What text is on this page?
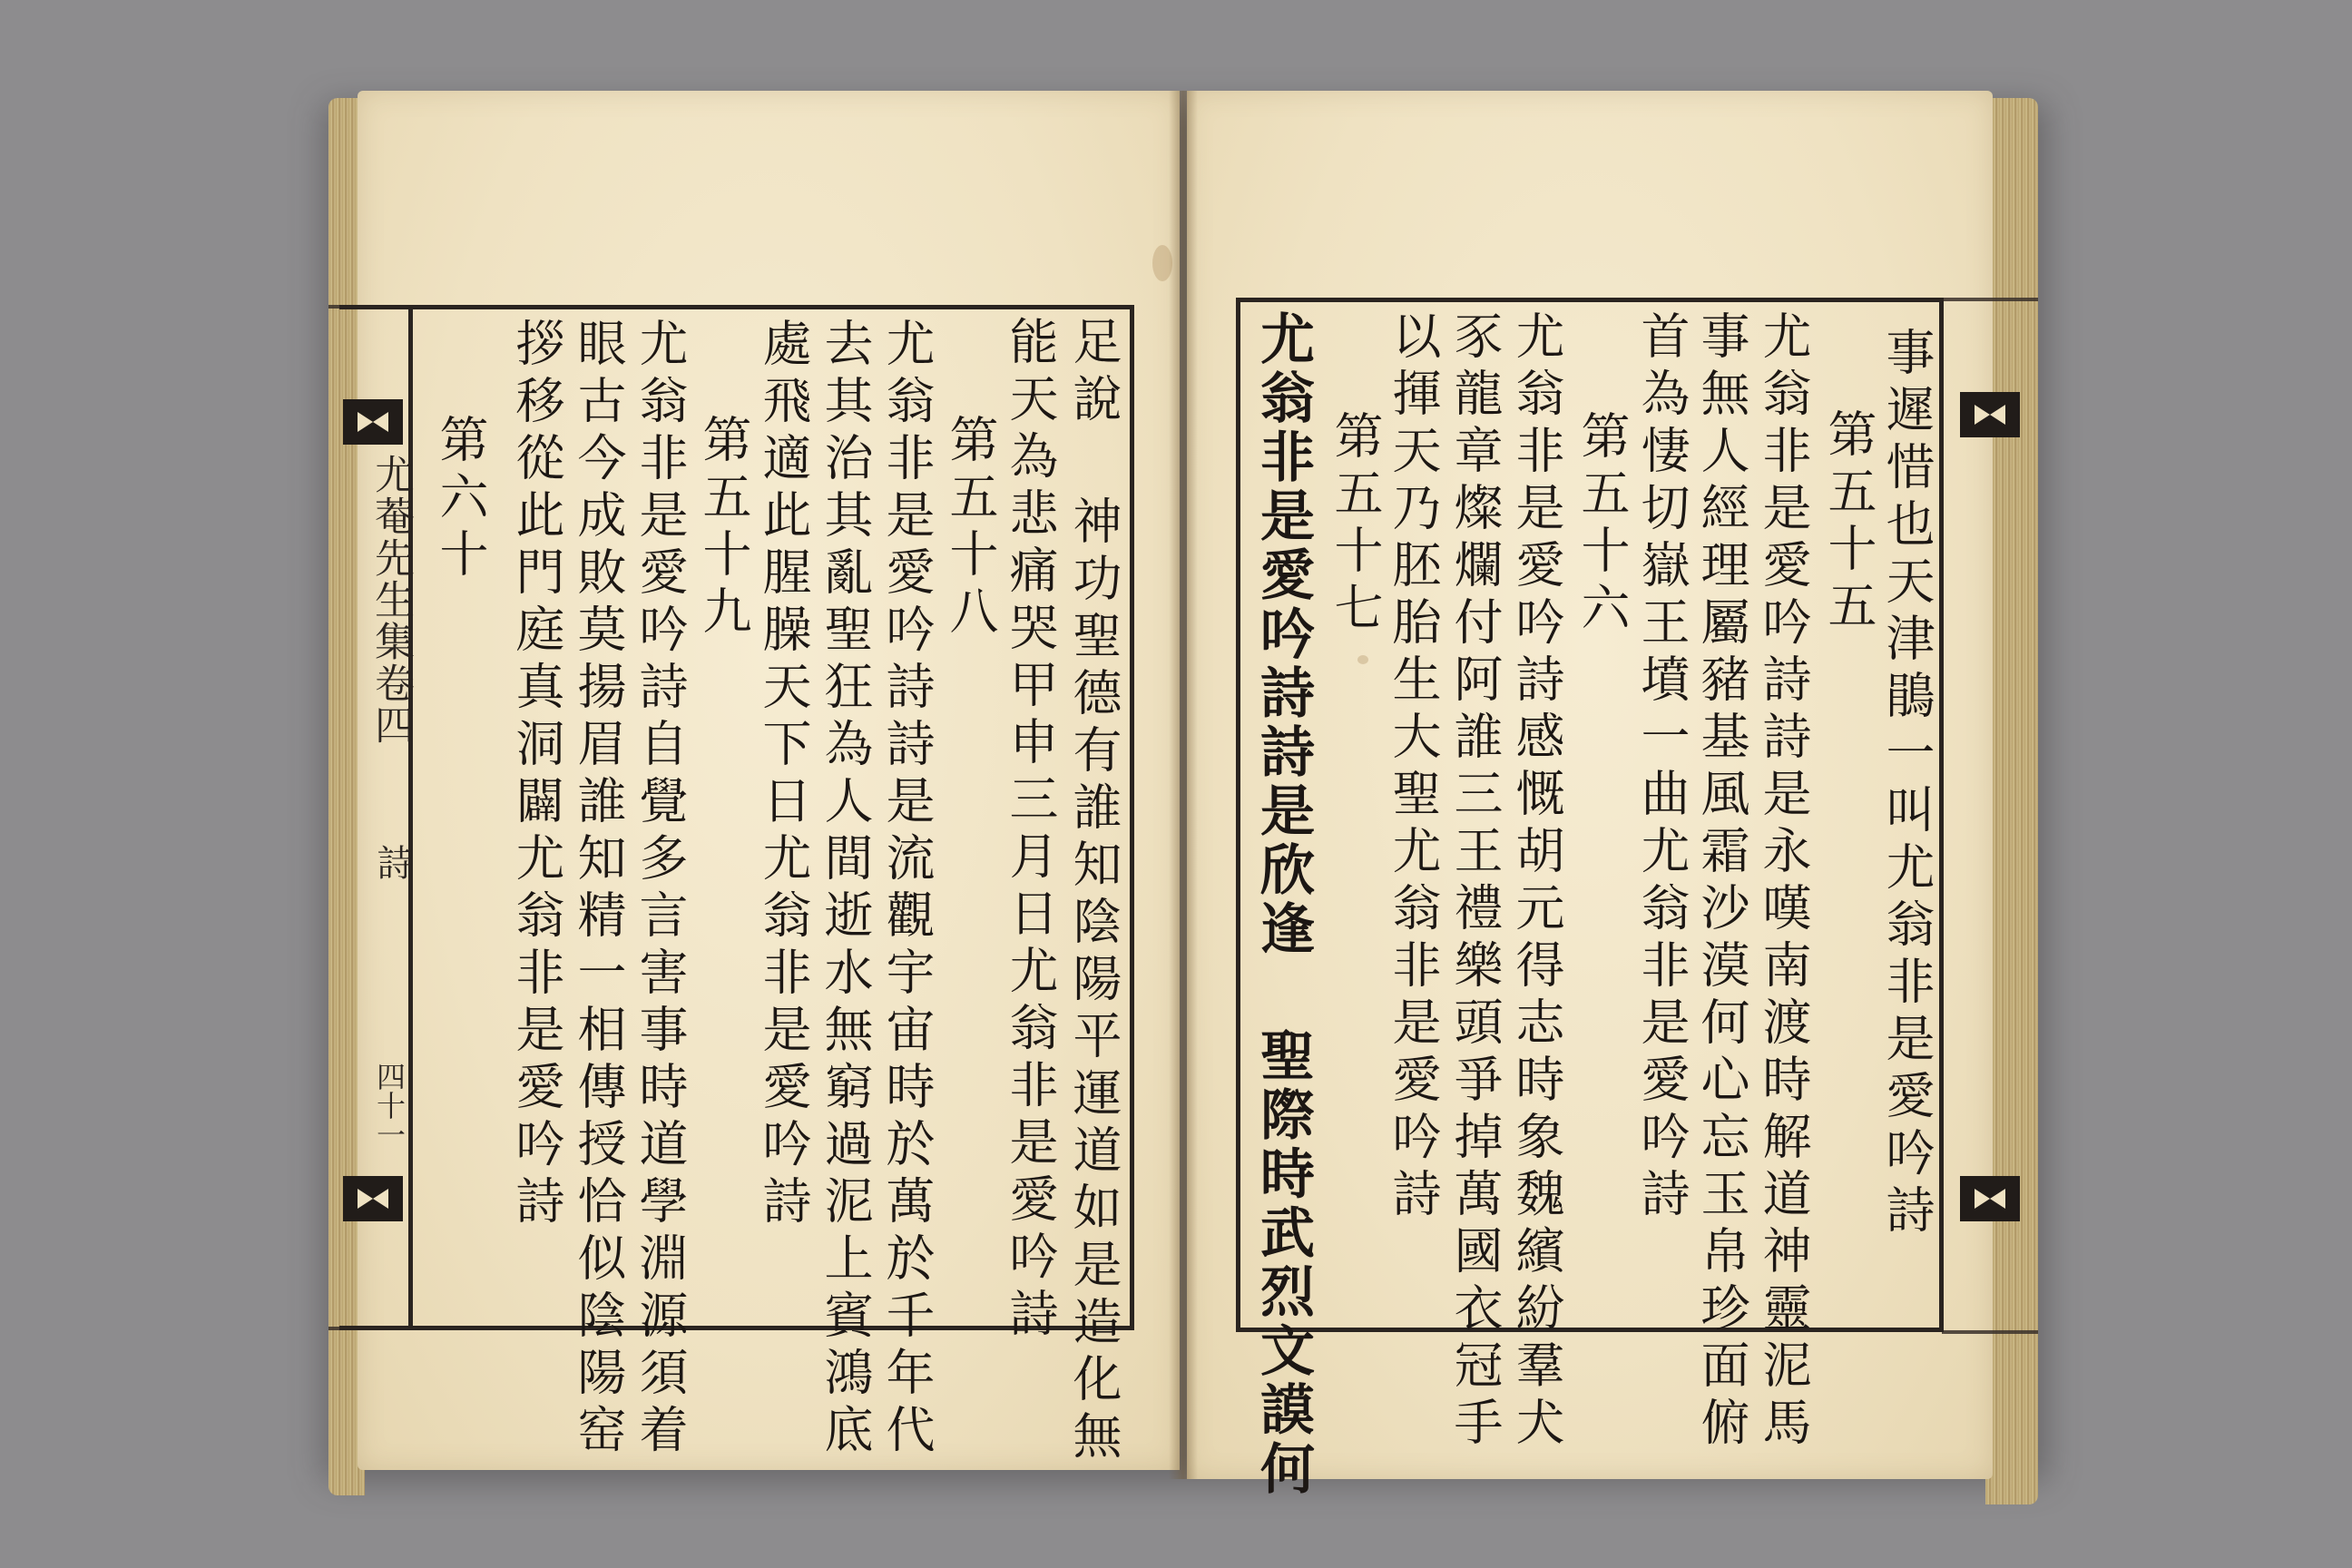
尤菴先生集卷四
詩
四十一	事遲惜也天津鵑一叫尤翁非是愛吟詩
第五十五
尤翁非是愛吟詩詩是永嘆南渡時解道神靈泥馬
事無人經理屬豬基風霜沙漠何心忘玉帛珍面俯
首為悽切嶽王墳一曲尤翁非是愛吟詩
第五十六
尤翁非是愛吟詩感慨胡元得志時象魏繽紛羣犬
豕龍章燦爛付阿誰三王禮樂頭爭掉萬國衣冠手
以揮天乃胚胎生大聖尤翁非是愛吟詩
第五十七
尤翁非是愛吟詩詩是欣逢 聖際時武烈文謨何
足說 神功聖德有誰知陰陽平運道如是造化無
能天為悲痛哭甲申三月日尤翁非是愛吟詩
第五十八
尤翁非是愛吟詩詩是流觀宇宙時於萬於千年代
去其治其亂聖狂為人間逝水無窮過泥上賓鴻底
處飛適此腥臊天下日尤翁非是愛吟詩
第五十九
尤翁非是愛吟詩自覺多言害事時道學淵源須着
眼古今成敗莫揚眉誰知精一相傳授恰似陰陽窑
拶移從此門庭真洞闢尤翁非是愛吟詩
第六十
